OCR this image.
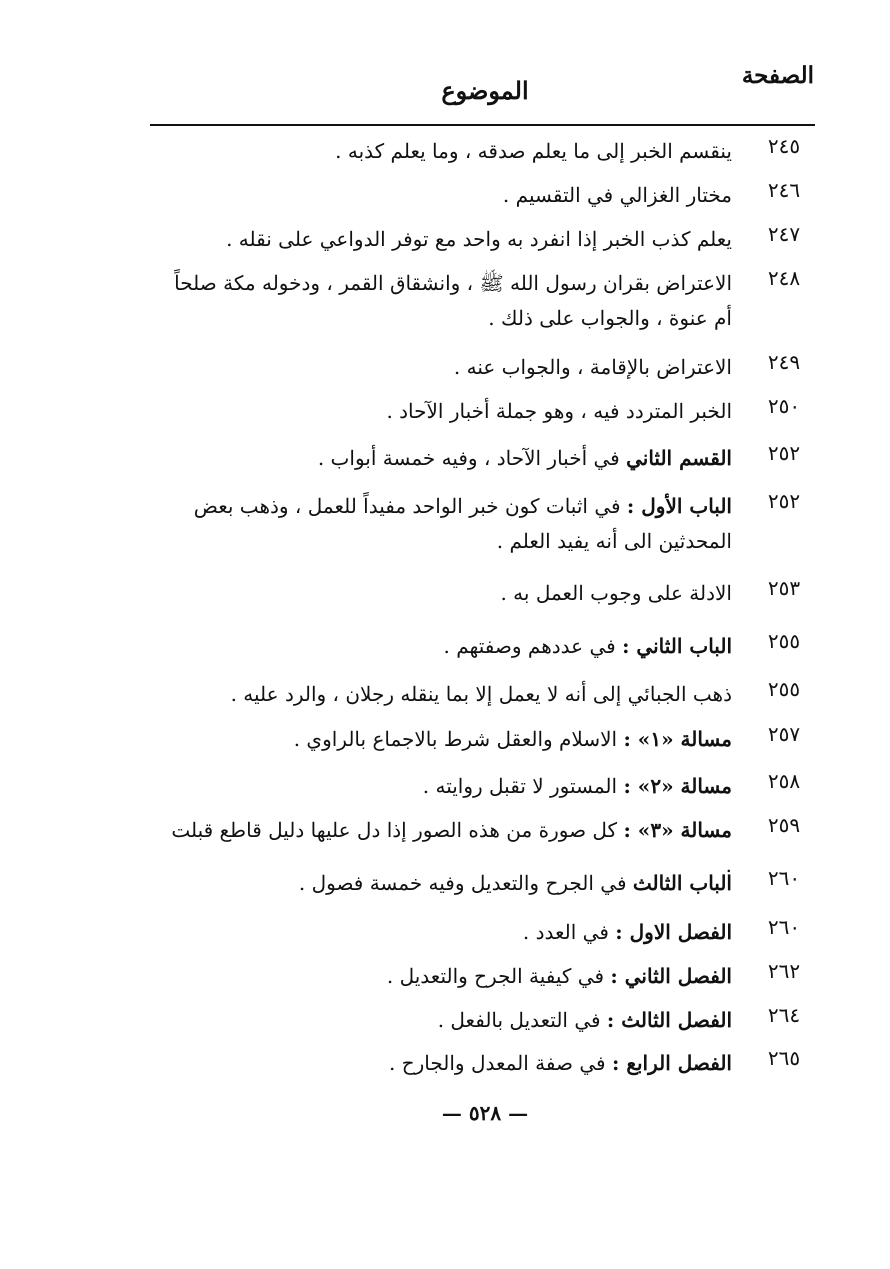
الصفحة
الموضوع
٢٤٥
ينقسم الخبر إلى ما يعلم صدقه ، وما يعلم كذبه .
٢٤٦
مختار الغزالي في التقسيم .
٢٤٧
يعلم كذب الخبر إذا انفرد به واحد مع توفر الدواعي على نقله .
٢٤٨
الاعتراض بقران رسول الله ﷺ ، وانشقاق القمر ، ودخوله مكة صلحاً أم عنوة ، والجواب على ذلك .
٢٤٩
الاعتراض بالإقامة ، والجواب عنه .
٢٥٠
الخبر المتردد فيه ، وهو جملة أخبار الآحاد .
٢٥٢
القسم الثاني في أخبار الآحاد ، وفيه خمسة أبواب .
٢٥٢
الباب الأول : في اثبات كون خبر الواحد مفيداً للعمل ، وذهب بعض المحدثين الى أنه يفيد العلم .
٢٥٣
الادلة على وجوب العمل به .
٢٥٥
الباب الثاني : في عددهم وصفتهم .
٢٥٥
ذهب الجبائي إلى أنه لا يعمل إلا بما ينقله رجلان ، والرد عليه .
٢٥٧
مسالة «١» : الاسلام والعقل شرط بالاجماع بالراوي .
٢٥٨
مسالة «٢» : المستور لا تقبل روايته .
٢٥٩
مسالة «٣» : كل صورة من هذه الصور إذا دل عليها دليل قاطع قبلت .
٢٦٠
الباب الثالث في الجرح والتعديل وفيه خمسة فصول .
٢٦٠
الفصل الاول : في العدد .
٢٦٢
الفصل الثاني : في كيفية الجرح والتعديل .
٢٦٤
الفصل الثالث : في التعديل بالفعل .
٢٦٥
الفصل الرابع : في صفة المعدل والجارح .
— ٥٢٨ —
